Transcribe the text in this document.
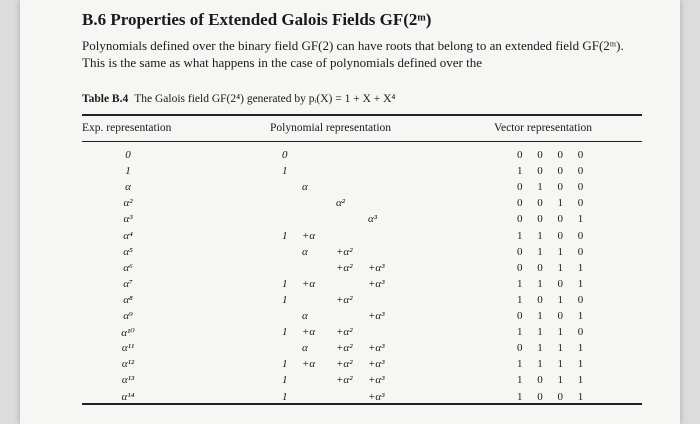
B.6 Properties of Extended Galois Fields GF(2ᵐ)
Polynomials defined over the binary field GF(2) can have roots that belong to an extended field GF(2ᵐ). This is the same as what happens in the case of polynomials defined over the
Table B.4 The Galois field GF(2⁴) generated by pᵢ(X) = 1 + X + X⁴
Exp. representation	Polynomial representation	Vector representation
0	0	0 0 0 0
1	1	1 0 0 0
α	α	0 1 0 0
α²	α²	0 0 1 0
α³	α³	0 0 0 1
α⁴	1 +α	1 1 0 0
α⁵	α	+α²	0 1 1 0
α⁶	+α² +α³	0 0 1 1
α⁷	1 +α	+α³	1 1 0 1
α⁸	1	+α²	1 0 1 0
α⁹	α	+α³	0 1 0 1
α¹⁰	1 +α +α²	1 1 1 0
α¹¹	α	+α² +α³	0 1 1 1
α¹²	1 +α +α² +α³	1 1 1 1
α¹³	1	+α² +α³	1 0 1 1
α¹⁴	1	+α³	1 0 0 1
